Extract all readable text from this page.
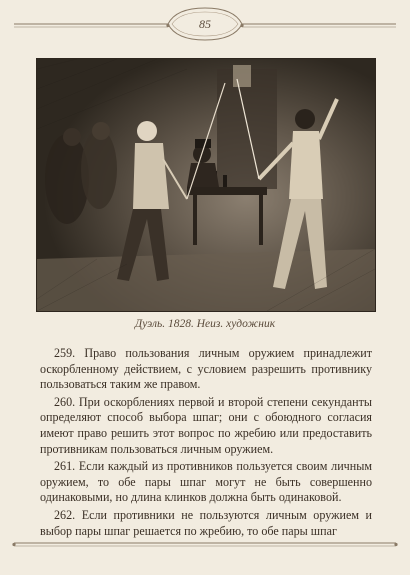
85
Дуэль. 1828. Неиз. художник

259. Право пользования личным оружием принадлежит оскорбленному действием, с условием разрешить противнику пользоваться таким же правом.

260. При оскорблениях первой и второй степени секунданты определяют способ выбора шпаг; они с обоюдного согласия имеют право решить этот вопрос по жребию или предоставить противникам пользоваться личным оружием.

261. Если каждый из противников пользуется своим личным оружием, то обе пары шпаг могут не быть совершенно одинаковыми, но длина клинков должна быть одинаковой.

262. Если противники не пользуются личным оружием и выбор пары шпаг решается по жребию, то обе пары шпаг
